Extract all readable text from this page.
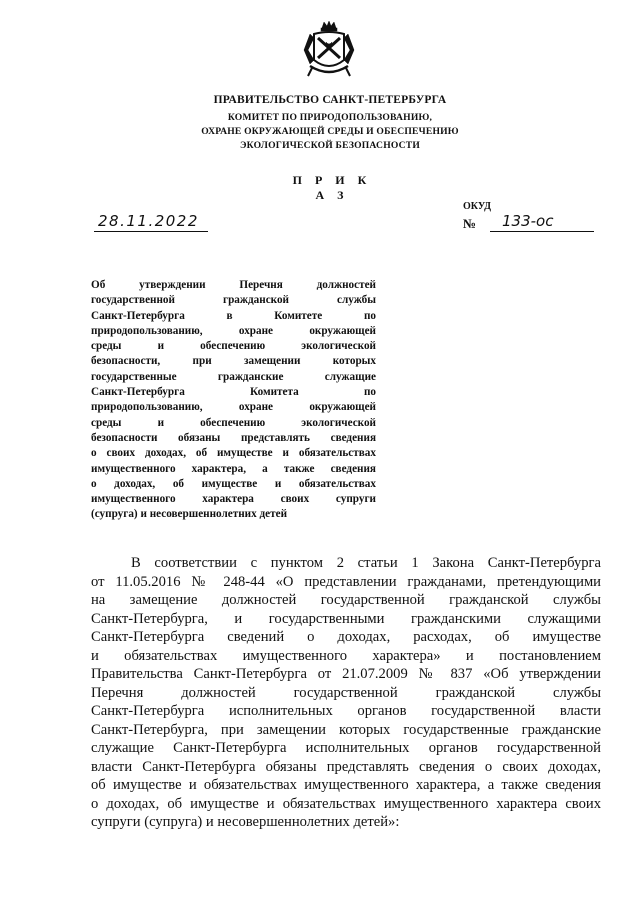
ПРАВИТЕЛЬСТВО САНКТ-ПЕТЕРБУРГА
КОМИТЕТ ПО ПРИРОДОПОЛЬЗОВАНИЮ,
ОХРАНЕ ОКРУЖАЮЩЕЙ СРЕДЫ И ОБЕСПЕЧЕНИЮ
ЭКОЛОГИЧЕСКОЙ БЕЗОПАСНОСТИ
П Р И К А З
28.11.2022
ОКУД
№	133-ос
Об утверждении Перечня должностей
государственной гражданской службы
Санкт-Петербурга в Комитете по
природопользованию, охране окружающей
среды и обеспечению экологической
безопасности, при замещении которых
государственные гражданские служащие
Санкт-Петербурга Комитета по
природопользованию, охране окружающей
среды и обеспечению экологической
безопасности обязаны представлять сведения
о своих доходах, об имуществе и обязательствах
имущественного характера, а также сведения
о доходах, об имуществе и обязательствах
имущественного характера своих супруги
(супруга) и несовершеннолетних детей
В соответствии с пунктом 2 статьи 1 Закона Санкт-Петербурга
от 11.05.2016 № 248-44 «О представлении гражданами, претендующими
на замещение должностей государственной гражданской службы
Санкт-Петербурга, и государственными гражданскими служащими
Санкт-Петербурга сведений о доходах, расходах, об имуществе
и обязательствах имущественного характера» и постановлением
Правительства Санкт-Петербурга от 21.07.2009 № 837 «Об утверждении
Перечня должностей государственной гражданской службы
Санкт-Петербурга исполнительных органов государственной власти
Санкт-Петербурга, при замещении которых государственные гражданские
служащие Санкт-Петербурга исполнительных органов государственной
власти Санкт-Петербурга обязаны представлять сведения о своих доходах,
об имуществе и обязательствах имущественного характера, а также сведения
о доходах, об имуществе и обязательствах имущественного характера своих
супруги (супруга) и несовершеннолетних детей»:
